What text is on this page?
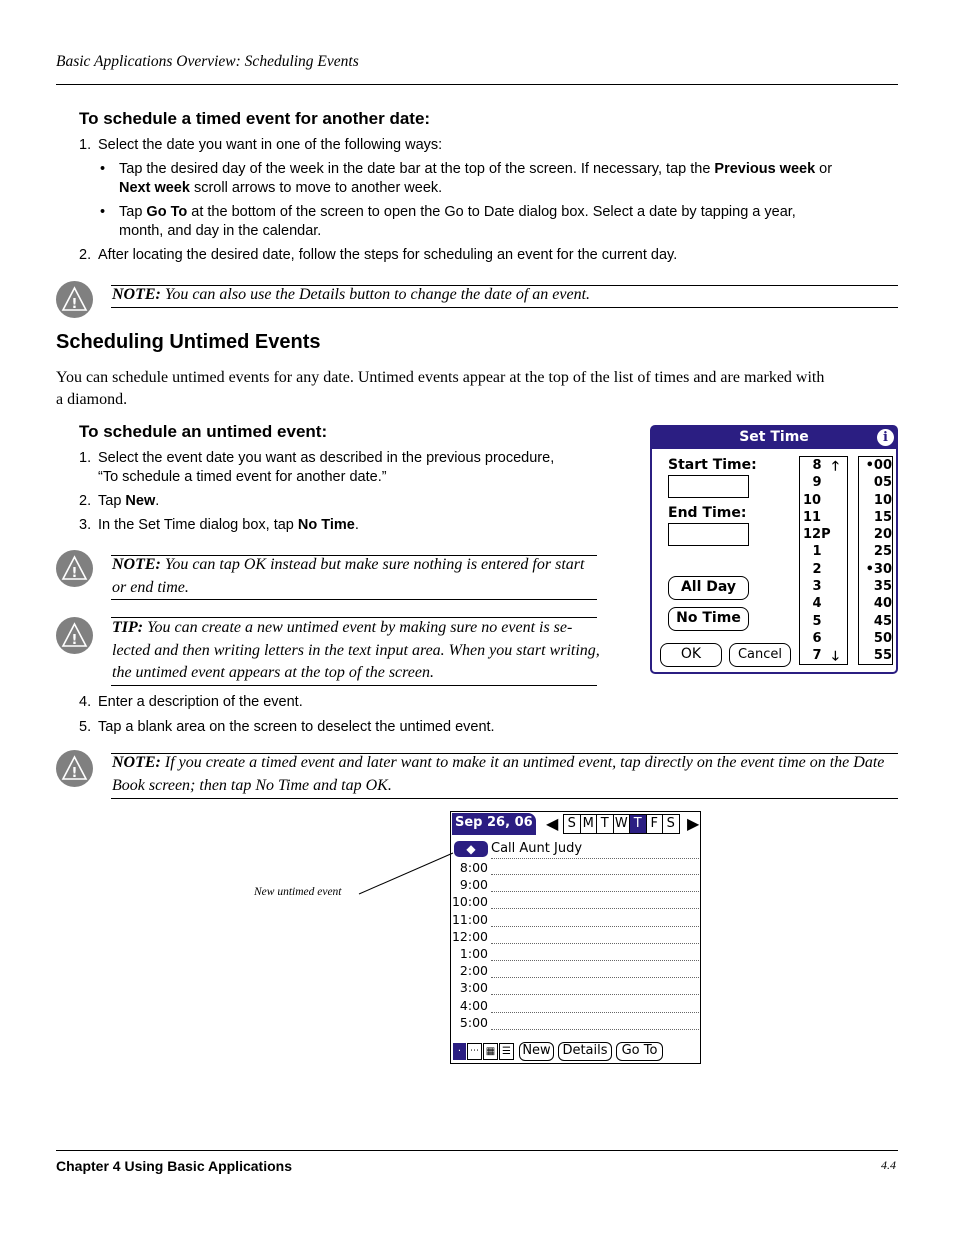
Basic Applications Overview: Scheduling Events
To schedule a timed event for another date:
1. Select the date you want in one of the following ways:
• Tap the desired day of the week in the date bar at the top of the screen. If necessary, tap the Previous week or
Next week scroll arrows to move to another week.
• Tap Go To at the bottom of the screen to open the Go to Date dialog box. Select a date by tapping a year,
month, and day in the calendar.
2. After locating the desired date, follow the steps for scheduling an event for the current day.
!
NOTE: You can also use the Details button to change the date of an event.
Scheduling Untimed Events
You can schedule untimed events for any date. Untimed events appear at the top of the list of times and are marked with
a diamond.
To schedule an untimed event:
1. Select the event date you want as described in the previous procedure,
“To schedule a timed event for another date.”
2. Tap New.
3. In the Set Time dialog box, tap No Time.
!
NOTE: You can tap OK instead but make sure nothing is entered for start
or end time.
!
TIP: You can create a new untimed event by making sure no event is se-
lected and then writing letters in the text input area. When you start writing,
the untimed event appears at the top of the screen.
4. Enter a description of the event.
5. Tap a blank area on the screen to deselect the untimed event.
!
NOTE: If you create a timed event and later want to make it an untimed event, tap directly on the event time on the Date
Book screen; then tap No Time and tap OK.
Set Time	i
Start Time:
End Time:
All Day
No Time
OK	Cancel
8
9
10
11
12P
1
2
3
4
5
6
7
🡑
🡓
•00
05
10
15
20
25
•30
35
40
45
50
55
Sep 26, 06 ◀ S M T W T F S ▶
◆	Call Aunt Judy
8:00
9:00
10:00
11:00
12:00
1:00
2:00
3:00
4:00
5:00
· ⋯ ▦ ☰ New Details	Go To
New untimed event
Chapter 4 Using Basic Applications	4.4
